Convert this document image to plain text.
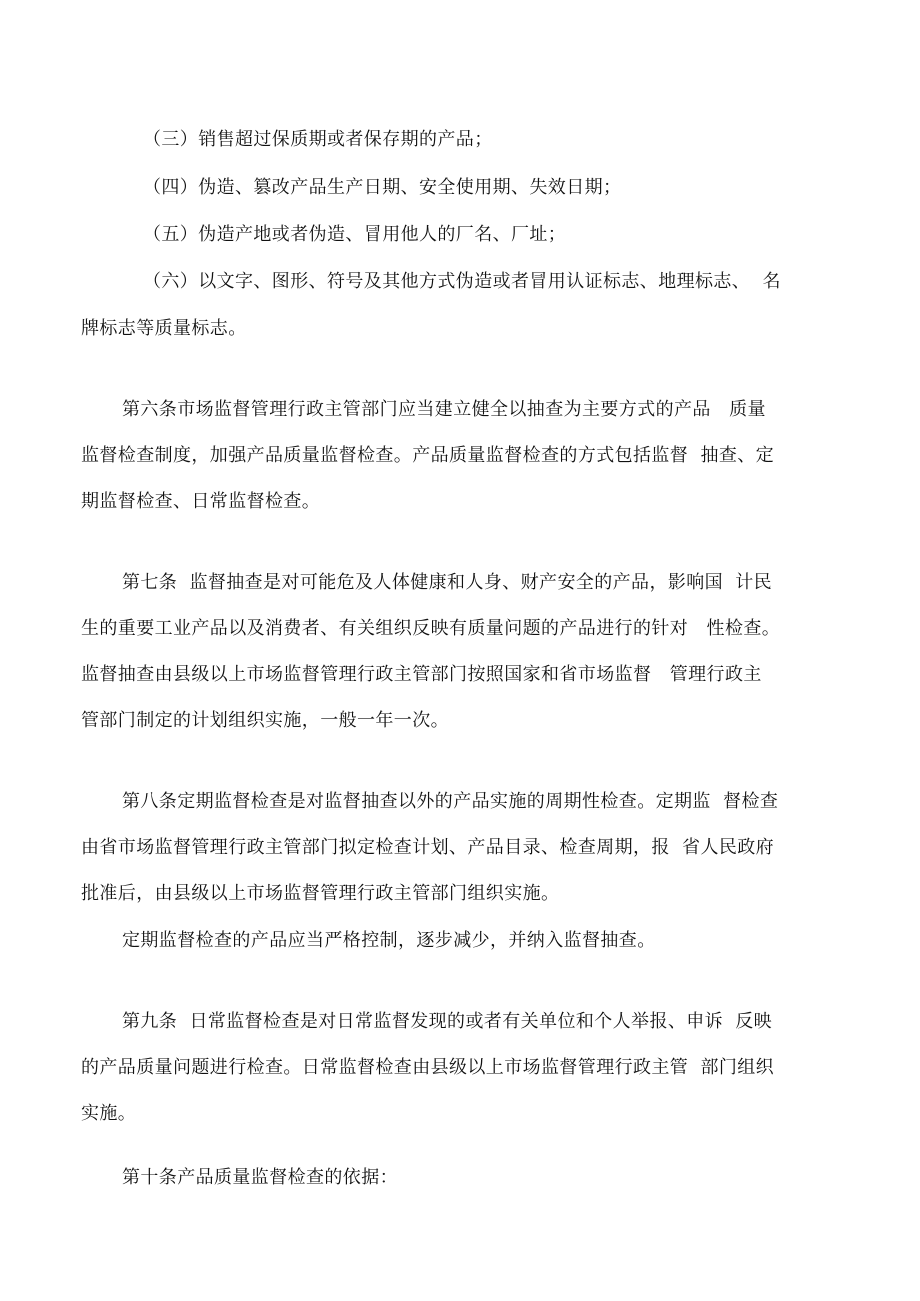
（三）销售超过保质期或者保存期的产品；

（四）伪造、篡改产品生产日期、安全使用期、失效日期；

（五）伪造产地或者伪造、冒用他人的厂名、厂址；

（六）以文字、图形、符号及其他方式伪造或者冒用认证标志、地理标志、  名

牌标志等质量标志。

第六条市场监督管理行政主管部门应当建立健全以抽查为主要方式的产品   质量

监督检查制度，加强产品质量监督检查。产品质量监督检查的方式包括监督  抽查、定

期监督检查、日常监督检查。

第七条  监督抽查是对可能危及人体健康和人身、财产安全的产品，影响国  计民

生的重要工业产品以及消费者、有关组织反映有质量问题的产品进行的针对   性检查。

监督抽查由县级以上市场监督管理行政主管部门按照国家和省市场监督   管理行政主

管部门制定的计划组织实施，一般一年一次。

第八条定期监督检查是对监督抽查以外的产品实施的周期性检查。定期监  督检查

由省市场监督管理行政主管部门拟定检查计划、产品目录、检查周期，报  省人民政府

批准后，由县级以上市场监督管理行政主管部门组织实施。

定期监督检查的产品应当严格控制，逐步减少，并纳入监督抽查。

第九条  日常监督检查是对日常监督发现的或者有关单位和个人举报、申诉  反映

的产品质量问题进行检查。日常监督检查由县级以上市场监督管理行政主管  部门组织

实施。

第十条产品质量监督检查的依据：
